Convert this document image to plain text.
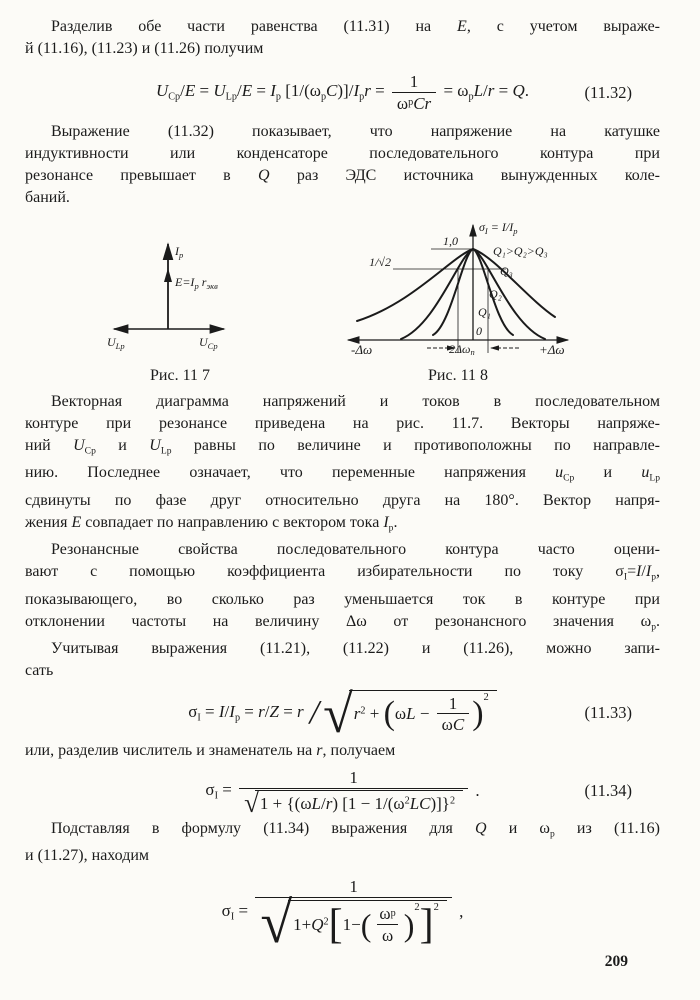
Разделив обе части равенства (11.31) на E, с учетом выраже-
й (11.16), (11.23) и (11.26) получим
$U_{Cр}/E = U_{Lр}/E = I_р$ $[1/(\omega_рC)]/I_рr = \frac{1}{\text{ω р Cr}} = \omega_рL/r = Q$.	(11.32)
Выражение (11.32) показывает, что напряжение на катушке
индуктивности или конденсаторе последовательного контура при
резонансе превышает в Q раз ЭДС источника вынужденных коле-
баний.
$I_р$
$E=I_р$ $r_{экв}$
$U_{Lр}$	$U_{Cр}$
Рис. 11 7
$\sigma_I = I/I_р$
1,0
1/√2
Q₁>Q₂>Q₃
Q₃
Q₂
Q₁
0
-Δω	+Δω
2Δωп
Рис. 11 8
Векторная диаграмма напряжений и токов в последовательном
контуре при резонансе приведена на рис. 11.7. Векторы напряже-
ний $U_{Cр}$ и $U_{Lр}$ равны по величине и противоположны по направле-
нию. Последнее означает, что переменные напряжения $u_{Cр}$ и $u_{Lр}$
сдвинуты по фазе друг относительно друга на 180°. Вектор напря-
жения E совпадает по направлению с вектором тока $I_р$.
Резонансные свойства последовательного контура часто оцени-
вают с помощью коэффициента избирательности по току $\sigma_I=I/I_р$,
показывающего, во сколько раз уменьшается ток в контуре при
отклонении частоты на величину Δω от резонансного значения $\omega_р$.
Учитывая выражения (11.21), (11.22) и (11.26), можно запи-
сать
$\sigma_I = I/I_р = r/Z = r$ / √ $r^2$ + ( $\omega L - \frac{1}{\text{ω C}}$ ) 2
(11.33)
или, разделив числитель и знаменатель на r, получаем
$\sigma_I = \frac{1}{√ 1 + \{(\omega L/r) [1 - 1/(\omega^2LC)]\}^2}$ .	(11.34)
Подставляя в формулу (11.34) выражения для Q и $\omega_р$ из (11.16)
и (11.27), находим
$\sigma_I$ =
1
√ $1+Q^2$ [ 1− ( $\frac{\text{ω р}}{\omega}$ ) 2 ] 2 ,
209
